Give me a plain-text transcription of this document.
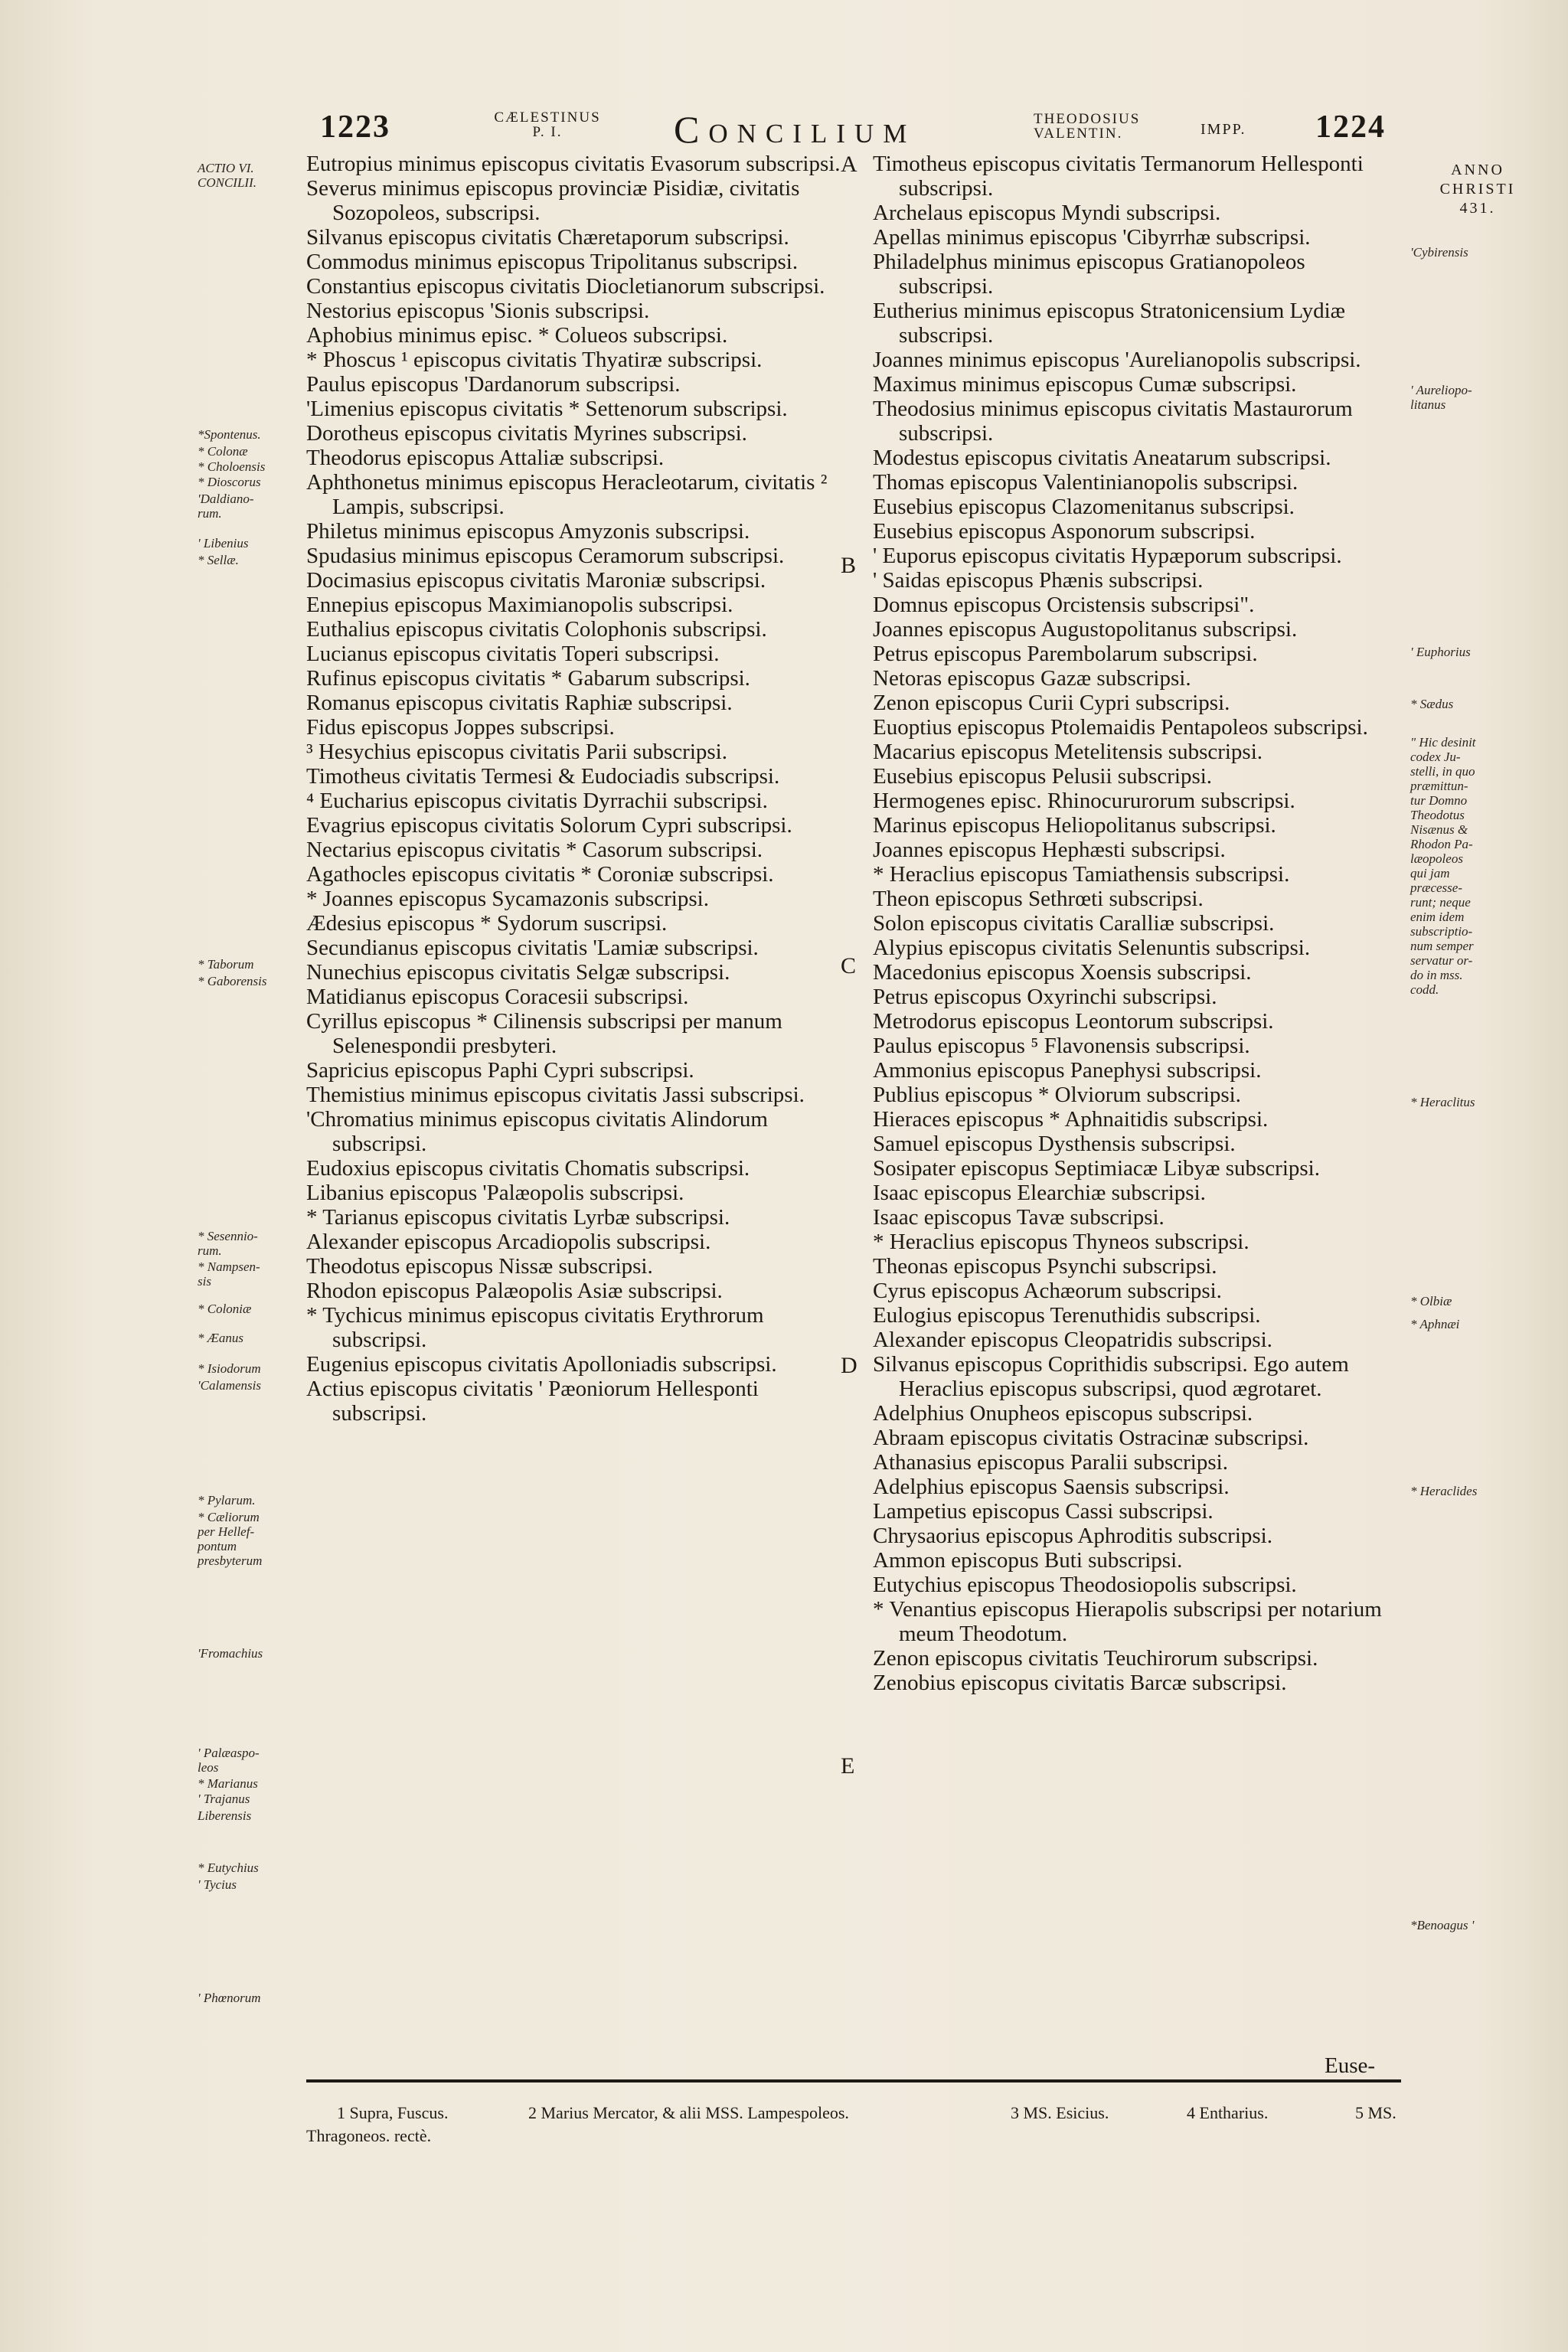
1223	CÆLESTINUS
P. I.	Concilium	THEODOSIUS
VALENTIN.	IMPP. 1224
ANNO
CHRISTI
431.
ACTIO VI.
CONCILII.
*Spontenus.
* Colonæ
* Choloensis
* Dioscorus
'Daldiano-
rum.
' Libenius
* Sellæ.
* Taborum
* Gaborensis
* Sesennio-
rum.
* Nampsen-
sis
* Coloniæ
* Æanus
* Isiodorum
'Calamensis
* Pylarum.
* Cæliorum
per Hellef-
pontum
presbyterum
'Fromachius
' Palæaspo-
leos
* Marianus
' Trajanus
Liberensis
* Eutychius
' Tycius
' Phœnorum
'Cybirensis
' Aureliopo-
litanus
' Euphorius
* Sædus
" Hic desinit
codex Ju-
stelli, in quo
præmittun-
tur Domno
Theodotus
Nisænus &
Rhodon Pa-
læopoleos
qui jam
præcesse-
runt; neque
enim idem
subscriptio-
num semper
servatur or-
do in mss.
codd.
* Heraclitus
* Olbiæ
* Aphnæi
* Heraclides
*Benoagus '
A
B
C
D
E

Eutropius minimus episcopus civitatis Evasorum subscripsi.

Severus minimus episcopus provinciæ Pisidiæ, civitatis Sozopoleos, subscripsi.

Silvanus episcopus civitatis Chæretaporum subscripsi.

Commodus minimus episcopus Tripolitanus subscripsi.

Constantius episcopus civitatis Diocletianorum subscripsi.

Nestorius episcopus 'Sionis subscripsi.

Aphobius minimus episc. * Colueos subscripsi.

* Phoscus ¹ episcopus civitatis Thyatiræ subscripsi.

Paulus episcopus 'Dardanorum subscripsi.

'Limenius episcopus civitatis * Settenorum subscripsi.

Dorotheus episcopus civitatis Myrines subscripsi.

Theodorus episcopus Attaliæ subscripsi.

Aphthonetus minimus episcopus Heracleotarum, civitatis ² Lampis, subscripsi.

Philetus minimus episcopus Amyzonis subscripsi.

Spudasius minimus episcopus Ceramorum subscripsi.

Docimasius episcopus civitatis Maroniæ subscripsi.

Ennepius episcopus Maximianopolis subscripsi.

Euthalius episcopus civitatis Colophonis subscripsi.

Lucianus episcopus civitatis Toperi subscripsi.

Rufinus episcopus civitatis * Gabarum subscripsi.

Romanus episcopus civitatis Raphiæ subscripsi.

Fidus episcopus Joppes subscripsi.

³ Hesychius episcopus civitatis Parii subscripsi.

Timotheus civitatis Termesi & Eudociadis subscripsi.

⁴ Eucharius episcopus civitatis Dyrrachii subscripsi.

Evagrius episcopus civitatis Solorum Cypri subscripsi.

Nectarius episcopus civitatis * Casorum subscripsi.

Agathocles episcopus civitatis * Coroniæ subscripsi.

* Joannes episcopus Sycamazonis subscripsi.

Ædesius episcopus * Sydorum suscripsi.

Secundianus episcopus civitatis 'Lamiæ subscripsi.

Nunechius episcopus civitatis Selgæ subscripsi.

Matidianus episcopus Coracesii subscripsi.

Cyrillus episcopus * Cilinensis subscripsi per manum Selenespondii presbyteri.

Sapricius episcopus Paphi Cypri subscripsi.

Themistius minimus episcopus civitatis Jassi subscripsi.

'Chromatius minimus episcopus civitatis Alindorum subscripsi.

Eudoxius episcopus civitatis Chomatis subscripsi.

Libanius episcopus 'Palæopolis subscripsi.

* Tarianus episcopus civitatis Lyrbæ subscripsi.

Alexander episcopus Arcadiopolis subscripsi.

Theodotus episcopus Nissæ subscripsi.

Rhodon episcopus Palæopolis Asiæ subscripsi.

* Tychicus minimus episcopus civitatis Erythrorum subscripsi.

Eugenius episcopus civitatis Apolloniadis subscripsi.

Actius episcopus civitatis ' Pæoniorum Hellesponti subscripsi.

Timotheus episcopus civitatis Termanorum Hellesponti subscripsi.

Archelaus episcopus Myndi subscripsi.

Apellas minimus episcopus 'Cibyrrhæ subscripsi.

Philadelphus minimus episcopus Gratianopoleos subscripsi.

Eutherius minimus episcopus Stratonicensium Lydiæ subscripsi.

Joannes minimus episcopus 'Aurelianopolis subscripsi.

Maximus minimus episcopus Cumæ subscripsi.

Theodosius minimus episcopus civitatis Mastaurorum subscripsi.

Modestus episcopus civitatis Aneatarum subscripsi.

Thomas episcopus Valentinianopolis subscripsi.

Eusebius episcopus Clazomenitanus subscripsi.

Eusebius episcopus Asponorum subscripsi.

' Euporus episcopus civitatis Hypæporum subscripsi.

' Saidas episcopus Phænis subscripsi.

Domnus episcopus Orcistensis subscripsi".

Joannes episcopus Augustopolitanus subscripsi.

Petrus episcopus Parembolarum subscripsi.

Netoras episcopus Gazæ subscripsi.

Zenon episcopus Curii Cypri subscripsi.

Euoptius episcopus Ptolemaidis Pentapoleos subscripsi.

Macarius episcopus Metelitensis subscripsi.

Eusebius episcopus Pelusii subscripsi.

Hermogenes episc. Rhinocururorum subscripsi.

Marinus episcopus Heliopolitanus subscripsi.

Joannes episcopus Hephæsti subscripsi.

* Heraclius episcopus Tamiathensis subscripsi.

Theon episcopus Sethrœti subscripsi.

Solon episcopus civitatis Caralliæ subscripsi.

Alypius episcopus civitatis Selenuntis subscripsi.

Macedonius episcopus Xoensis subscripsi.

Petrus episcopus Oxyrinchi subscripsi.

Metrodorus episcopus Leontorum subscripsi.

Paulus episcopus ⁵ Flavonensis subscripsi.

Ammonius episcopus Panephysi subscripsi.

Publius episcopus * Olviorum subscripsi.

Hieraces episcopus * Aphnaitidis subscripsi.

Samuel episcopus Dysthensis subscripsi.

Sosipater episcopus Septimiacæ Libyæ subscripsi.

Isaac episcopus Elearchiæ subscripsi.

Isaac episcopus Tavæ subscripsi.

* Heraclius episcopus Thyneos subscripsi.

Theonas episcopus Psynchi subscripsi.

Cyrus episcopus Achæorum subscripsi.

Eulogius episcopus Terenuthidis subscripsi.

Alexander episcopus Cleopatridis subscripsi.

Silvanus episcopus Coprithidis subscripsi. Ego autem Heraclius episcopus subscripsi, quod ægrotaret.

Adelphius Onupheos episcopus subscripsi.

Abraam episcopus civitatis Ostracinæ subscripsi.

Athanasius episcopus Paralii subscripsi.

Adelphius episcopus Saensis subscripsi.

Lampetius episcopus Cassi subscripsi.

Chrysaorius episcopus Aphroditis subscripsi.

Ammon episcopus Buti subscripsi.

Eutychius episcopus Theodosiopolis subscripsi.

* Venantius episcopus Hierapolis subscripsi per notarium meum Theodotum.

Zenon episcopus civitatis Teuchirorum subscripsi.

Zenobius episcopus civitatis Barcæ subscripsi.

Euse-
1 Supra, Fuscus.	2 Marius Mercator, & alii MSS. Lampespoleos.	3 MS. Esicius.	4 Entharius.	5 MS.
Thragoneos. rectè.
